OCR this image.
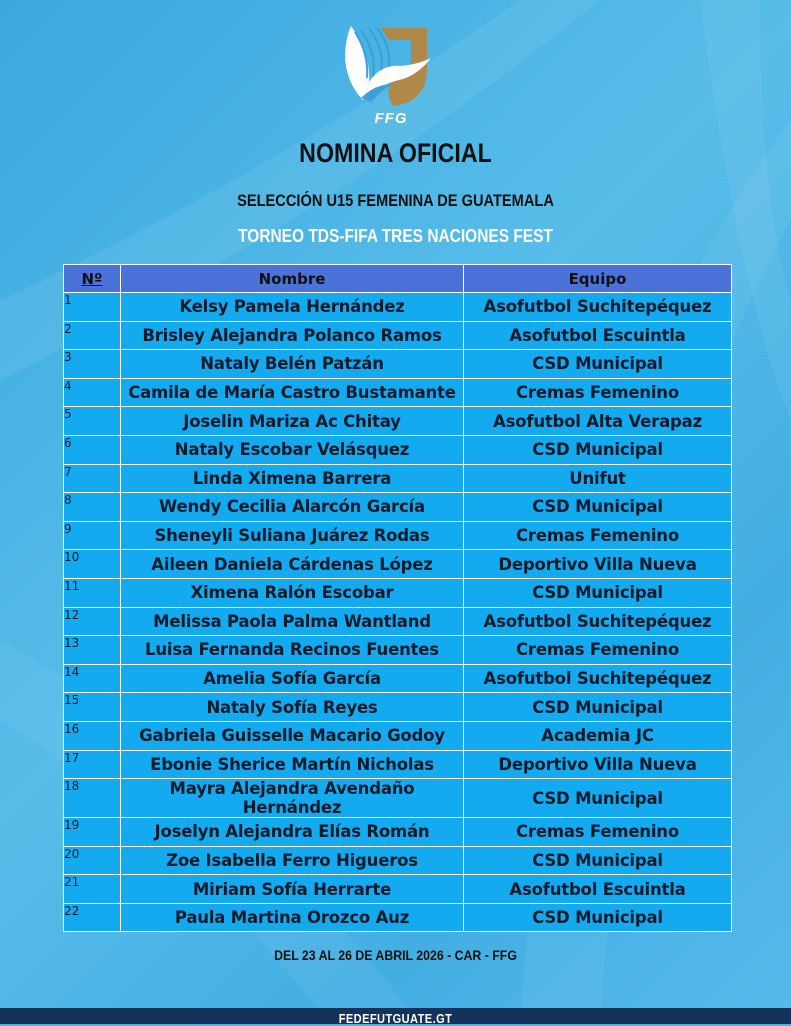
FFG
NOMINA OFICIAL
SELECCIÓN U15 FEMENINA DE GUATEMALA
TORNEO TDS-FIFA TRES NACIONES FEST
Nº	Nombre	Equipo
1	Kelsy Pamela Hernández	Asofutbol Suchitepéquez
2	Brisley Alejandra Polanco Ramos	Asofutbol Escuintla
3	Nataly Belén Patzán	CSD Municipal
4	Camila de María Castro Bustamante	Cremas Femenino
5	Joselin Mariza Ac Chitay	Asofutbol Alta Verapaz
6	Nataly Escobar Velásquez	CSD Municipal
7	Linda Ximena Barrera	Unifut
8	Wendy Cecilia Alarcón García	CSD Municipal
9	Sheneyli Suliana Juárez Rodas	Cremas Femenino
10	Aileen Daniela Cárdenas López	Deportivo Villa Nueva
11	Ximena Ralón Escobar	CSD Municipal
12	Melissa Paola Palma Wantland	Asofutbol Suchitepéquez
13	Luisa Fernanda Recinos Fuentes	Cremas Femenino
14	Amelia Sofía García	Asofutbol Suchitepéquez
15	Nataly Sofía Reyes	CSD Municipal
16	Gabriela Guisselle Macario Godoy	Academia JC
17	Ebonie Sherice Martín Nicholas	Deportivo Villa Nueva
18	Mayra Alejandra Avendaño Hernández	CSD Municipal
19	Joselyn Alejandra Elías Román	Cremas Femenino
20	Zoe Isabella Ferro Higueros	CSD Municipal
21	Miriam Sofía Herrarte	Asofutbol Escuintla
22	Paula Martina Orozco Auz	CSD Municipal
DEL 23 AL 26 DE ABRIL 2026 - CAR - FFG
FEDEFUTGUATE.GT
